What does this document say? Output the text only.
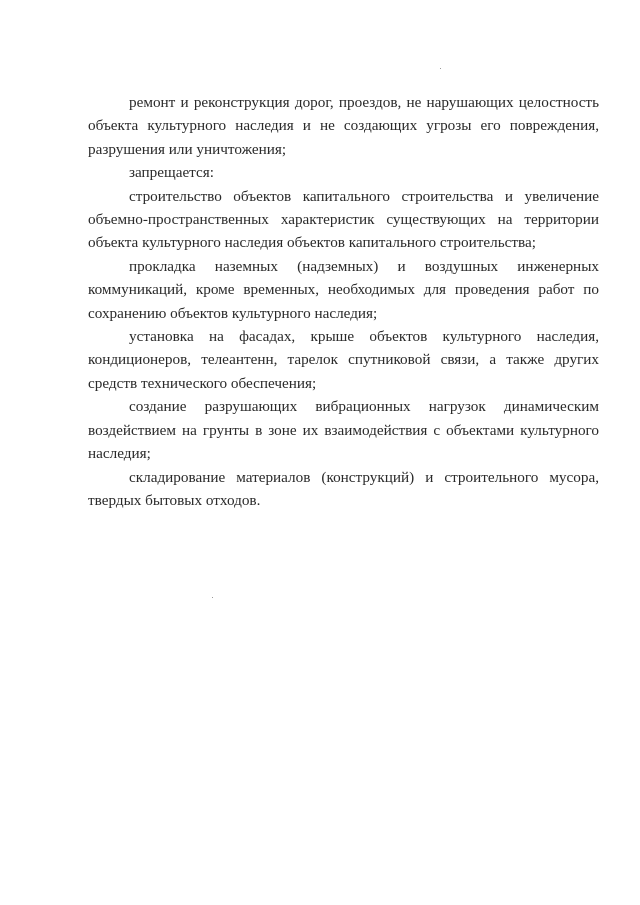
ремонт и реконструкция дорог, проездов, не нарушающих целостность объекта культурного наследия и не создающих угрозы его повреждения, разрушения или уничтожения;

запрещается:

строительство объектов капитального строительства и увеличение объемно-пространственных характеристик существующих на территории объекта культурного наследия объектов капитального строительства;

прокладка наземных (надземных) и воздушных инженерных коммуникаций, кроме временных, необходимых для проведения работ по сохранению объектов культурного наследия;

установка на фасадах, крыше объектов культурного наследия, кондиционеров, телеантенн, тарелок спутниковой связи, а также других средств технического обеспечения;

создание разрушающих вибрационных нагрузок динамическим воздействием на грунты в зоне их взаимодействия с объектами культурного наследия;

складирование материалов (конструкций) и строительного мусора, твердых бытовых отходов.
